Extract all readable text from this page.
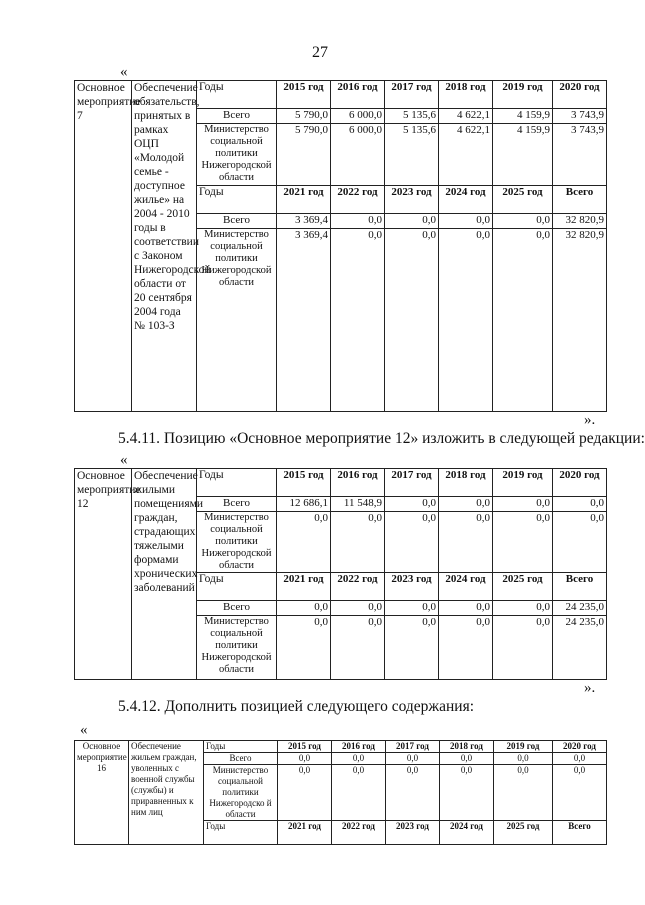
27
«
Основное мероприятие 7	Обеспечение обязательств, принятых в рамках ОЦП «Молодой семье - доступное жилье» на 2004 - 2010 годы в соответствии с Законом Нижегородской области от 20 сентября 2004 года № 103-З	Годы	2015 год	2016 год	2017 год	2018 год	2019 год	2020 год
		Всего	5 790,0	6 000,0	5 135,6	4 622,1	4 159,9	3 743,9
		Министерство социальной политики Нижегородской области	5 790,0	6 000,0	5 135,6	4 622,1	4 159,9	3 743,9
		Годы	2021 год	2022 год	2023 год	2024 год	2025 год	Всего
		Всего	3 369,4	0,0	0,0	0,0	0,0	32 820,9
		Министерство социальной политики Нижегородской области	3 369,4	0,0	0,0	0,0	0,0	32 820,9
».
5.4.11. Позицию «Основное мероприятие 12» изложить в следующей редакции:
«
Основное мероприятие 12	Обеспечение жилыми помещениями граждан, страдающих тяжелыми формами хронических заболеваний	Годы	2015 год	2016 год	2017 год	2018 год	2019 год	2020 год
		Всего	12 686,1	11 548,9	0,0	0,0	0,0	0,0
		Министерство социальной политики Нижегородской области	0,0	0,0	0,0	0,0	0,0	0,0
		Годы	2021 год	2022 год	2023 год	2024 год	2025 год	Всего
		Всего	0,0	0,0	0,0	0,0	0,0	24 235,0
		Министерство социальной политики Нижегородской области	0,0	0,0	0,0	0,0	0,0	24 235,0
».
5.4.12. Дополнить позицией следующего содержания:
«
Основное мероприятие 16	Обеспечение жильем граждан, уволенных с военной службы (службы) и приравненных к ним лиц	Годы	2015 год	2016 год	2017 год	2018 год	2019 год	2020 год
		Всего	0,0	0,0	0,0	0,0	0,0	0,0
		Министерство социальной политики Нижегородско й области	0,0	0,0	0,0	0,0	0,0	0,0
		Годы	2021 год	2022 год	2023 год	2024 год	2025 год	Всего
